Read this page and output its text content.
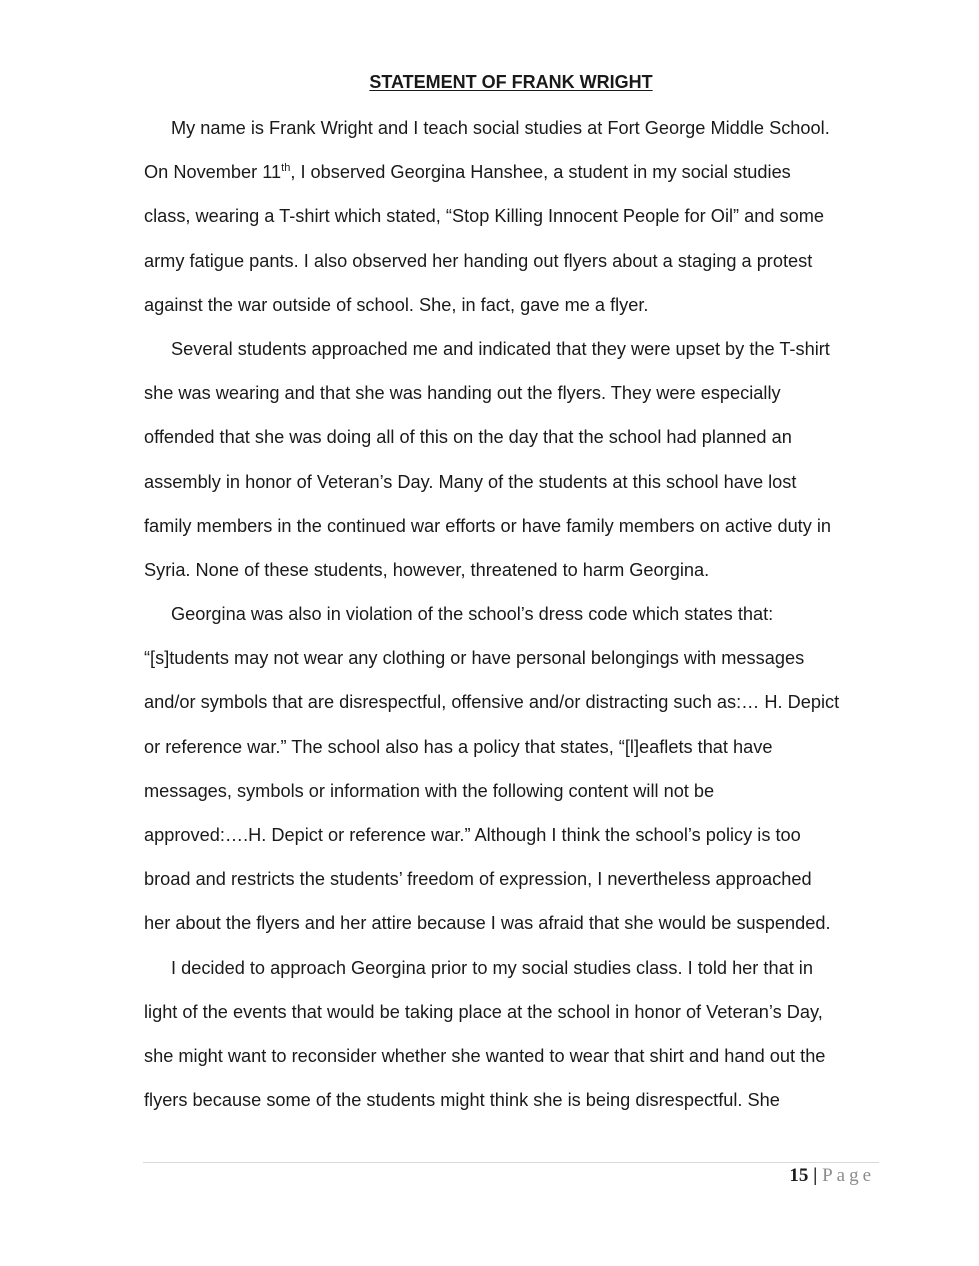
STATEMENT OF FRANK WRIGHT
My name is Frank Wright and I teach social studies at Fort George Middle School.
On November 11th, I observed Georgina Hanshee, a student in my social studies
class, wearing a T-shirt which stated, “Stop Killing Innocent People for Oil” and some
army fatigue pants. I also observed her handing out flyers about a staging a protest
against the war outside of school. She, in fact, gave me a flyer.
Several students approached me and indicated that they were upset by the T-shirt
she was wearing and that she was handing out the flyers. They were especially
offended that she was doing all of this on the day that the school had planned an
assembly in honor of Veteran’s Day. Many of the students at this school have lost
family members in the continued war efforts or have family members on active duty in
Syria. None of these students, however, threatened to harm Georgina.
Georgina was also in violation of the school’s dress code which states that:
“[s]tudents may not wear any clothing or have personal belongings with messages
and/or symbols that are disrespectful, offensive and/or distracting such as:… H. Depict
or reference war.” The school also has a policy that states, “[l]eaflets that have
messages, symbols or information with the following content will not be
approved:….H. Depict or reference war.” Although I think the school’s policy is too
broad and restricts the students’ freedom of expression, I nevertheless approached
her about the flyers and her attire because I was afraid that she would be suspended.
I decided to approach Georgina prior to my social studies class. I told her that in
light of the events that would be taking place at the school in honor of Veteran’s Day,
she might want to reconsider whether she wanted to wear that shirt and hand out the
flyers because some of the students might think she is being disrespectful. She
15 | Page
